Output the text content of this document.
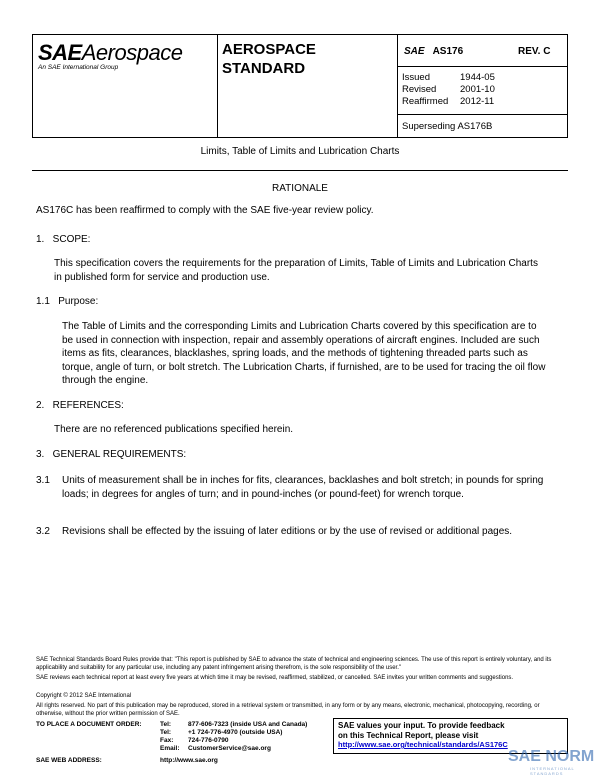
SAEAerospace
An SAE International Group
AEROSPACE
STANDARD
SAE AS176	REV. C
Issued	1944-05
Revised 2001-10
Reaffirmed 2012-11
Superseding AS176B
Limits, Table of Limits and Lubrication Charts
RATIONALE
AS176C has been reaffirmed to comply with the SAE five-year review policy.
1.   SCOPE:
This specification covers the requirements for the preparation of Limits, Table of Limits and Lubrication Charts in published form for service and production use.
1.1   Purpose:
The Table of Limits and the corresponding Limits and Lubrication Charts covered by this specification are to be used in connection with inspection, repair and assembly operations of aircraft engines. Included are such items as fits, clearances, blacklashes, spring loads, and the methods of tightening threaded parts such as torque, angle of turn, or bolt stretch. The Lubrication Charts, if furnished, are to be used for tracing the oil flow through the engine.
2.   REFERENCES:
There are no referenced publications specified herein.
3.   GENERAL REQUIREMENTS:
3.1 Units of measurement shall be in inches for fits, clearances, backlashes and bolt stretch; in pounds for spring loads; in degrees for angles of turn; and in pound-inches (or pound-feet) for wrench torque.
3.2 Revisions shall be effected by the issuing of later editions or by the use of revised or additional pages.
SAE Technical Standards Board Rules provide that: "This report is published by SAE to advance the state of technical and engineering sciences. The use of this report is entirely voluntary, and its applicability and suitability for any particular use, including any patent infringement arising therefrom, is the sole responsibility of the user."
SAE reviews each technical report at least every five years at which time it may be revised, reaffirmed, stabilized, or cancelled. SAE invites your written comments and suggestions.
Copyright © 2012 SAE International
All rights reserved. No part of this publication may be reproduced, stored in a retrieval system or transmitted, in any form or by any means, electronic, mechanical, photocopying, recording, or otherwise, without the prior written permission of SAE.
TO PLACE A DOCUMENT ORDER:	Tel:	877-606-7323 (inside USA and Canada)
Tel:	+1 724-776-4970 (outside USA)
Fax: 724-776-0790
Email: CustomerService@sae.org
SAE WEB ADDRESS:	http://www.sae.org
SAE values your input. To provide feedback
on this Technical Report, please visit
http://www.sae.org/technical/standards/AS176C
SAE NORM
INTERNATIONAL STANDARDS
